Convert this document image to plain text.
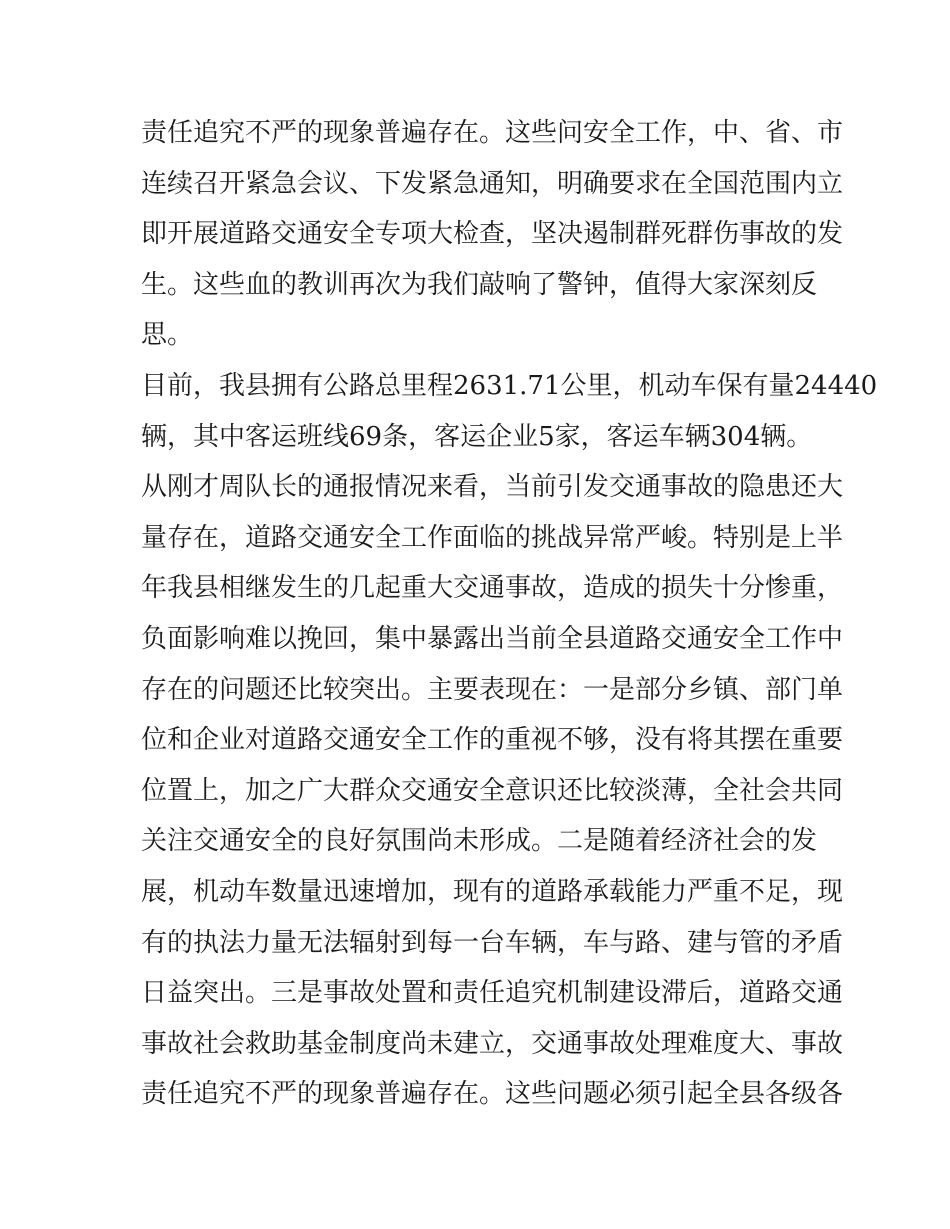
责任追究不严的现象普遍存在。这些问安全工作，中、省、市
连续召开紧急会议、下发紧急通知，明确要求在全国范围内立
即开展道路交通安全专项大检查，坚决遏制群死群伤事故的发
生。这些血的教训再次为我们敲响了警钟，值得大家深刻反
思。
目前，我县拥有公路总里程2631.71公里，机动车保有量24440
辆，其中客运班线69条，客运企业5家，客运车辆304辆。
从刚才周队长的通报情况来看，当前引发交通事故的隐患还大
量存在，道路交通安全工作面临的挑战异常严峻。特别是上半
年我县相继发生的几起重大交通事故，造成的损失十分惨重，
负面影响难以挽回，集中暴露出当前全县道路交通安全工作中
存在的问题还比较突出。主要表现在：一是部分乡镇、部门单
位和企业对道路交通安全工作的重视不够，没有将其摆在重要
位置上，加之广大群众交通安全意识还比较淡薄，全社会共同
关注交通安全的良好氛围尚未形成。二是随着经济社会的发
展，机动车数量迅速增加，现有的道路承载能力严重不足，现
有的执法力量无法辐射到每一台车辆，车与路、建与管的矛盾
日益突出。三是事故处置和责任追究机制建设滞后，道路交通
事故社会救助基金制度尚未建立，交通事故处理难度大、事故
责任追究不严的现象普遍存在。这些问题必须引起全县各级各
